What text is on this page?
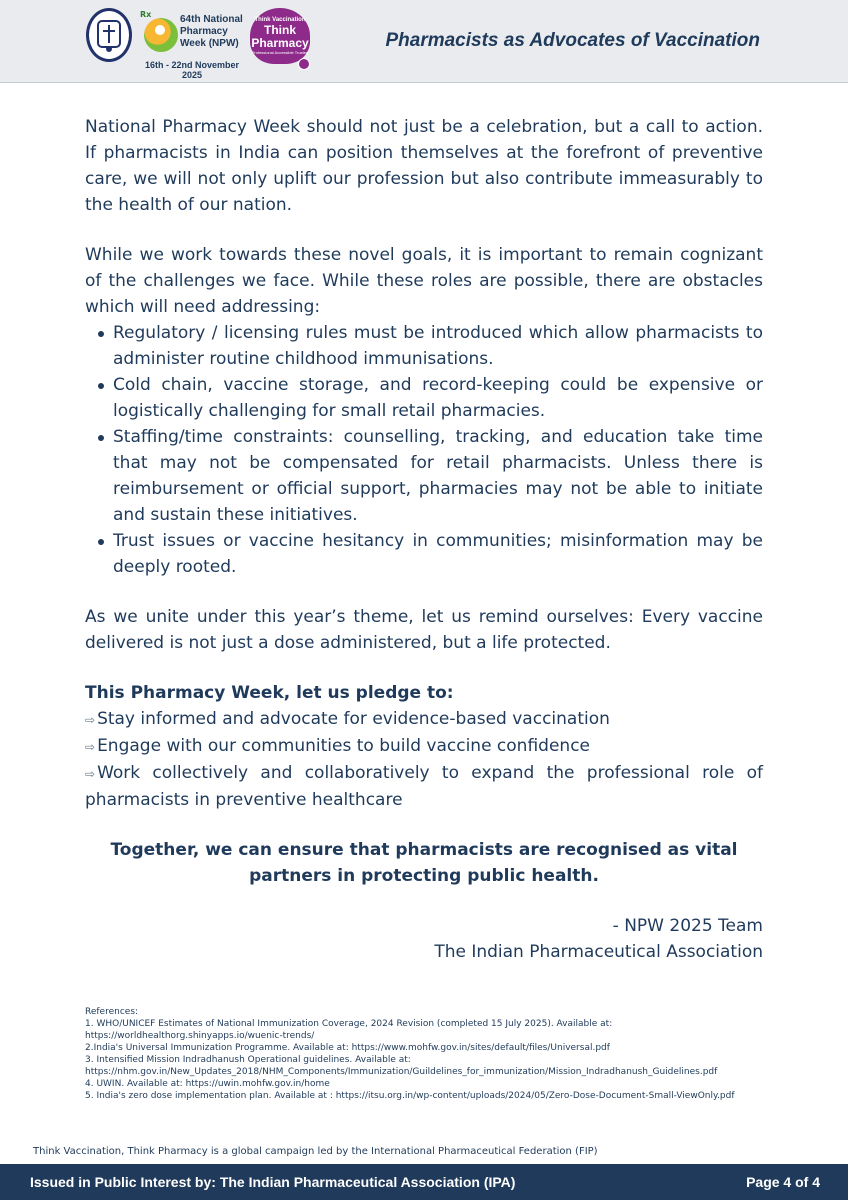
Rx	64th National
Pharmacy
Week (NPW)
16th - 22nd November 2025
Think Vaccination
Think
Pharmacy
Professional Accessible Trusted
Pharmacists as Advocates of Vaccination

National Pharmacy Week should not just be a celebration, but a call to action. If pharmacists in India can position themselves at the forefront of preventive care, we will not only uplift our profession but also contribute immeasurably to the health of our nation.

While we work towards these novel goals, it is important to remain cognizant of the challenges we face. While these roles are possible, there are obstacles which will need addressing:

Regulatory / licensing rules must be introduced which allow pharmacists to administer routine childhood immunisations.
Cold chain, vaccine storage, and record-keeping could be expensive or logistically challenging for small retail pharmacies.
Staffing/time constraints: counselling, tracking, and education take time that may not be compensated for retail pharmacists. Unless there is reimbursement or official support, pharmacies may not be able to initiate and sustain these initiatives.
Trust issues or vaccine hesitancy in communities; misinformation may be deeply rooted.

As we unite under this year’s theme, let us remind ourselves: Every vaccine delivered is not just a dose administered, but a life protected.

This Pharmacy Week, let us pledge to:

⇨ Stay informed and advocate for evidence-based vaccination

⇨ Engage with our communities to build vaccine confidence

⇨ Work collectively and collaboratively to expand the professional role of pharmacists in preventive healthcare

Together, we can ensure that pharmacists are recognised as vital partners in protecting public health.

- NPW 2025 Team

The Indian Pharmaceutical Association

References:
1. WHO/UNICEF Estimates of National Immunization Coverage, 2024 Revision (completed 15 July 2025). Available at:
https://worldhealthorg.shinyapps.io/wuenic-trends/
2.India's Universal Immunization Programme. Available at: https://www.mohfw.gov.in/sites/default/files/Universal.pdf
3. Intensified Mission Indradhanush Operational guidelines. Available at:
https://nhm.gov.in/New_Updates_2018/NHM_Components/Immunization/Guildelines_for_immunization/Mission_Indradhanush_Guidelines.pdf
4. UWIN. Available at: https://uwin.mohfw.gov.in/home
5. India's zero dose implementation plan. Available at : https://itsu.org.in/wp-content/uploads/2024/05/Zero-Dose-Document-Small-ViewOnly.pdf
Think Vaccination, Think Pharmacy is a global campaign led by the International Pharmaceutical Federation (FIP)
Issued in Public Interest by: The Indian Pharmaceutical Association (IPA)	Page 4 of 4
